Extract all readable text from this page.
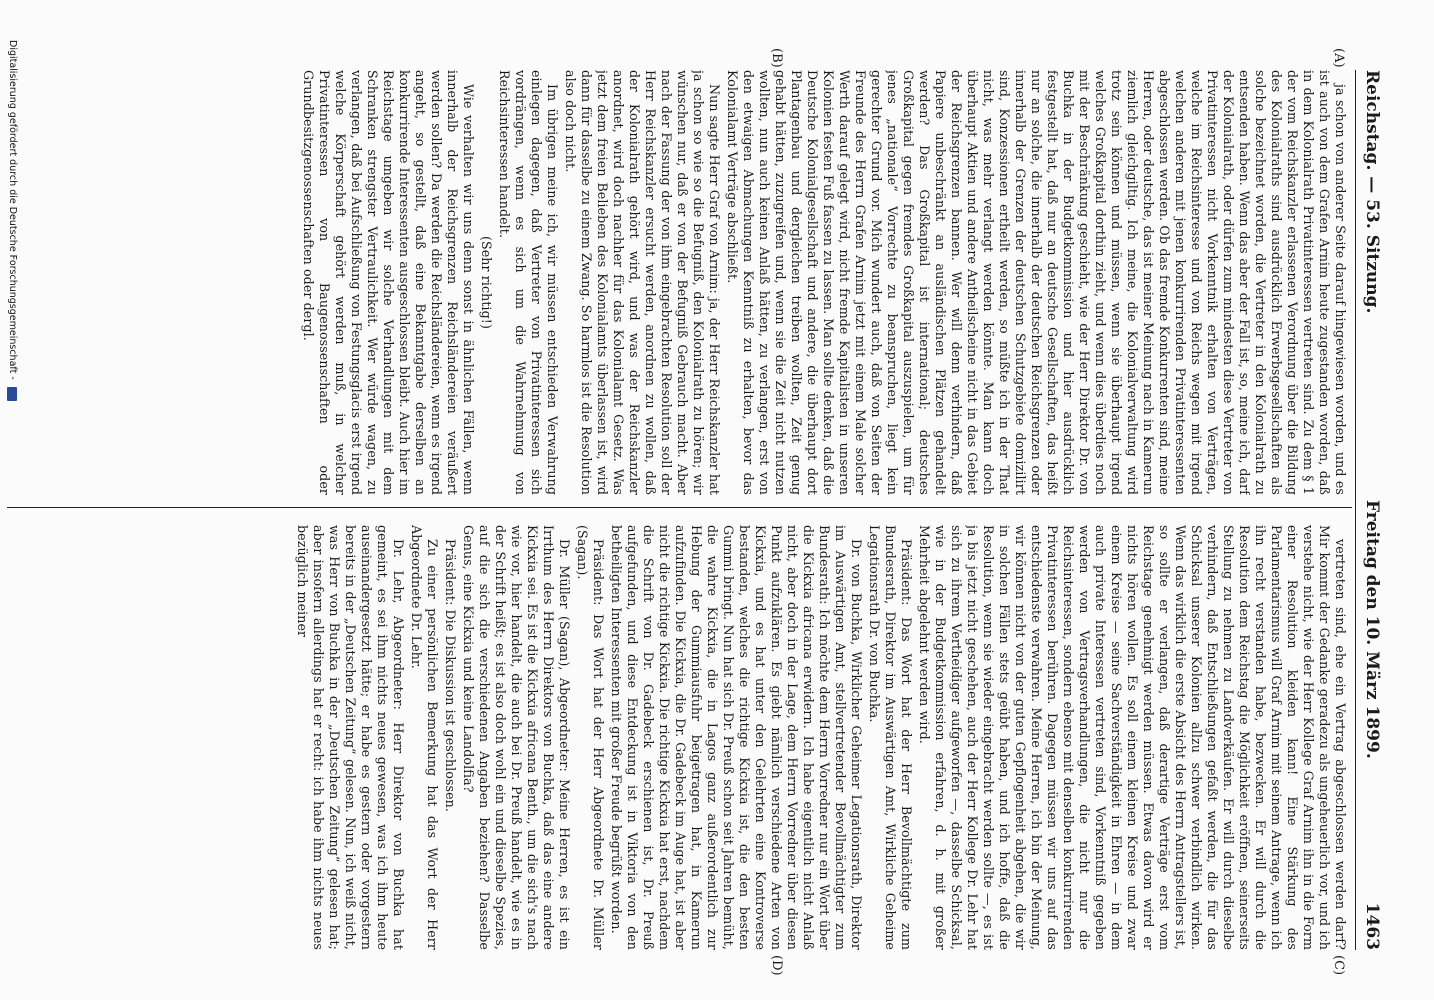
Reichstag. — 53. Sitzung.
Freitag den 10. März 1899.
1463
(A)
(B)
(C)
(D)

ja schon von anderer Seite darauf hingewiesen worden, und es ist auch von dem Grafen Arnim heute zugestanden worden, daß in dem Kolonialrath Privatinteressen vertreten sind. Zu dem § 1 der vom Reichskanzler erlassenen Verordnung über die Bildung des Kolonialraths sind ausdrücklich Erwerbsgesellschaften als solche bezeichnet worden, die Vertreter in den Kolonialrath zu entsenden haben. Wenn das aber der Fall ist, so, meine ich, darf der Kolonialrath, oder dürfen zum mindesten diese Vertreter von Privatinteressen nicht Vorkenntnik erhalten von Verträgen, welche im Reichsinteresse und von Reichs wegen mit irgend welchen anderen mit jenen konkurrirenden Privatinteressenten abgeschlossen werden. Ob das fremde Konkurrenten sind, meine Herren, oder deutsche, das ist meiner Meinung nach in Kamerun ziemlich gleichgiltig. Ich meine, die Kolonialverwaltung wird trotz sein können und müssen, wenn sie überhaupt irgend welches Großkapital dorthin zieht, und wenn dies überdies noch mit der Beschränkung geschieht, wie der Herr Direktor Dr. von Buchka in der Budgetkommission und hier ausdrücklich festgestellt hat, daß nur an deutsche Gesellschaften, das heißt nur an solche, die innerhalb der deutschen Reichsgrenzen oder innerhalb der Grenzen der deutschen Schutzgebiete domizilirt sind, Konzessionen ertheilt werden, so müßte ich in der That nicht, was mehr verlangt werden könnte. Man kann doch überhaupt Aktien und andere Antheilscheine nicht in das Gebiet der Reichsgrenzen bannen. Wer will denn verhindern, daß Papiere unbeschränkt an ausländischen Plätzen gehandelt werden? Das Großkapital ist international; deutsches Großkapital gegen fremdes Großkapital auszuspielen, um für jenes „nationale“ Vorrechte zu beanspruchen, liegt kein gerechter Grund vor. Mich wundert auch, daß von Seiten der Freunde des Herrn Grafen Arnim jetzt mit einem Male solcher Werth darauf gelegt wird, nicht fremde Kapitalisten in unseren Kolonien festen Fuß fassen zu lassen. Man sollte denken, daß die Deutsche Kolonialgesellschaft und andere, die überhaupt dort Plantagenbau und dergleichen treiben wollten, Zeit genug gehabt hätten, zuzugreifen und, wenn sie die Zeit nicht nutzen wollten, nun auch keinen Anlaß hätten, zu verlangen, erst von den etwaigen Abmachungen Kenntniß zu erhalten, bevor das Kolonialamt Verträge abschließt.

Nun sagte Herr Graf von Arnim: ja, der Herr Reichskanzler hat ja schon so wie so die Befugniß, den Kolonialrath zu hören; wir wünschen nur, daß er von der Befugniß Gebrauch macht. Aber nach der Fassung der von ihm eingebrachten Resolution soll der Herr Reichskanzler ersucht werden, anordnen zu wollen, daß der Kolonialrath gehört wird, und was der Reichskanzler anordnet, wird doch nachher für das Kolonialamt Gesetz. Was jetzt dem freien Belieben des Kolonialamts überlassen ist, wird dann für dasselbe zu einem Zwang. So harmlos ist die Resolution also doch nicht.

Im übrigen meine ich, wir müssen entschieden Verwahrung einlegen dagegen, daß Vertreter von Privatinteressen sich vordrängen, wenn es sich um die Wahrnehmung von Reichsinteressen handelt.

(Sehr richtig!)

Wie verhalten wir uns denn sonst in ähnlichen Fällen, wenn innerhalb der Reichsgrenzen Reichsländereien veräußert werden sollen? Da werden die Reichsländereien, wenn es irgend angeht, so gestellt, daß eine Bekanntgabe derselben an konkurrirende Interessenten ausgeschlossen bleibt. Auch hier im Reichstage umgeben wir solche Verhandlungen mit dem Schranken strengster Vertraulichkeit. Wer würde wagen, zu verlangen, daß bei Aufschließung von Festungsglacis erst irgend welche Körperschaft gehört werden muß, in welcher Privatinteressen von Baugenossenschaften oder Grundbesitzgenossenschaften oder dergl.

vertreten sind, ehe ein Vertrag abgeschlossen werden darf? Mir kommt der Gedanke geradezu als ungeheuerlich vor, und ich verstehe nicht, wie der Herr Kollege Graf Arnim ihn in die Form einer Resolution kleiden kann! Eine Stärkung des Parlamentarismus will Graf Arnim mit seinem Antrage, wenn ich ihn recht verstanden habe, bezwecken. Er will durch die Resolution dem Reichstag die Möglichkeit eröffnen, seinerseits Stellung zu nehmen zu Landverkäufen. Er will durch dieselbe verhindern, daß Entschließungen gefaßt werden, die für das Schicksal unserer Kolonien allzu schwer verbindlich wirken. Wenn das wirklich die erste Absicht des Herrn Antragstellers ist, so sollte er verlangen, daß derartige Verträge erst vom Reichstage genehmigt werden müssen. Etwas davon wird er nichts hören wollen. Es soll einem kleinen Kreise und zwar einem Kreise — seine Sachverständigkeit in Ehren — in dem auch private Interessen vertreten sind, Vorkenntniß gegeben werden von Vertragsverhandlungen, die nicht nur die Reichsinteressen, sondern ebenso mit denselben konkurrirenden Privatinteressen berühren. Dagegen müssen wir uns auf das entschiedenste verwahren. Meine Herren, ich bin der Meinung, wir können nicht von der guten Gepflogenheit abgehen, die wir in solchen Fällen stets geübt haben, und ich hoffe, daß die Resolution, wenn sie wieder eingebracht werden sollte —, es ist ja bis jetzt nicht geschehen, auch der Herr Kollege Dr. Lehr hat sich zu ihrem Vertheidiger aufgeworfen —, dasselbe Schicksal, wie in der Budgetkommission erfahren, d. h. mit großer Mehrheit abgelehnt werden wird.

Präsident: Das Wort hat der Herr Bevollmächtigte zum Bundesrath, Direktor im Auswärtigen Amt, Wirkliche Geheime Legationsrath Dr. von Buchka.

Dr. von Buchka, Wirklicher Geheimer Legationsrath, Direktor im Auswärtigen Amt, stellvertretender Bevollmächtigter zum Bundesrath: Ich möchte dem Herrn Vorredner nur ein Wort über die Kickxia africana erwidern. Ich habe eigentlich nicht Anlaß nicht, aber doch in der Lage, dem Herrn Vorredner über diesen Punkt aufzuklären. Es giebt nämlich verschiedene Arten von Kickxia, und es hat unter den Gelehrten eine Kontroverse bestanden, welches die richtige Kickxia ist, die den besten Gummi bringt. Nun hat sich Dr. Preuß schon seit Jahren bemüht, die wahre Kickxia, die in Lagos ganz außerordentlich zur Hebung der Gummiausfuhr beigetragen hat, in Kamerun aufzufinden. Die Kickxia, die Dr. Gadebeck im Auge hat, ist aber nicht die richtige Kickxia. Die richtige Kickxia hat erst, nachdem die Schrift von Dr. Gadebeck erschienen ist, Dr. Preuß aufgefunden, und diese Entdeckung ist in Viktoria von den betheiligten Interessenten mit großer Freude begrüßt worden.

Präsident: Das Wort hat der Herr Abgeordnete Dr. Müller (Sagan).

Dr. Müller (Sagan), Abgeordneter: Meine Herren, es ist ein Irrthum des Herrn Direktors von Buchka, daß das eine andere Kickxia sei. Es ist die Kickxia africana Benth., um die sich's nach wie vor, hier handelt, die auch bei Dr. Preuß handelt, wie es in der Schrift heißt; es ist also doch wohl ein und dieselbe Spezies, auf die sich die verschiedenen Angaben beziehen? Dasselbe Genus, eine Kickxia und keine Landolfia?

Präsident: Die Diskussion ist geschlossen.

Zu einer persönlichen Bemerkung hat das Wort der Herr Abgeordnete Dr. Lehr.

Dr. Lehr, Abgeordneter: Herr Direktor von Buchka hat gemeint, es sei ihm nichts neues gewesen, was ich ihm heute auseinandergesetzt hätte; er habe es gestern oder vorgestern bereits in der „Deutschen Zeitung“ gelesen. Nun, ich weiß nicht, was Herr von Buchka in der „Deutschen Zeitung“ gelesen hat; aber insofern allerdings hat er recht: ich habe ihm nichts neues bezüglich meiner

Digitalisierung gefördert durch die Deutsche Forschungsgemeinschaft -
